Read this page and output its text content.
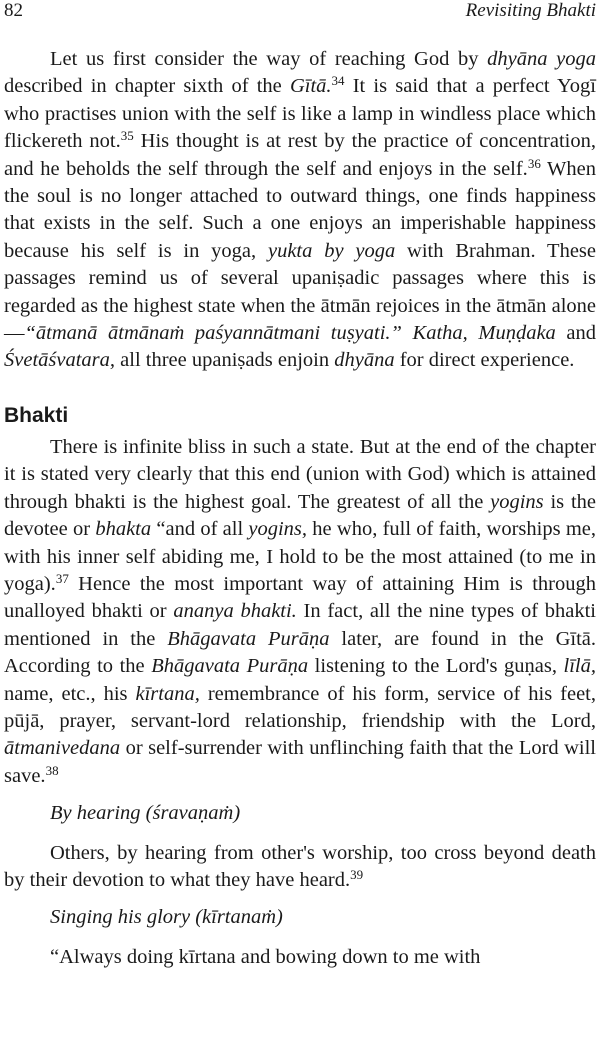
82	Revisiting Bhakti

Let us first consider the way of reaching God by dhyāna yoga described in chapter sixth of the Gītā.$^{34}$ It is said that a perfect Yogī who practises union with the self is like a lamp in windless place which flickereth not.$^{35}$ His thought is at rest by the practice of concentration, and he beholds the self through the self and enjoys in the self.$^{36}$ When the soul is no longer attached to outward things, one finds happiness that exists in the self. Such a one enjoys an imperishable happiness because his self is in yoga, yukta by yoga with Brahman. These passages remind us of several upaniṣadic passages where this is regarded as the highest state when the ātmān rejoices in the ātmān alone—“ātmanā ātmānaṁ paśyannātmani tuṣyati.” Katha, Muṇḍaka and Śvetāśvatara, all three upaniṣads enjoin dhyāna for direct experience.

Bhakti

There is infinite bliss in such a state. But at the end of the chapter it is stated very clearly that this end (union with God) which is attained through bhakti is the highest goal. The greatest of all the yogins is the devotee or bhakta “and of all yogins, he who, full of faith, worships me, with his inner self abiding me, I hold to be the most attained (to me in yoga).$^{37}$ Hence the most important way of attaining Him is through unalloyed bhakti or ananya bhakti. In fact, all the nine types of bhakti mentioned in the Bhāgavata Purāṇa later, are found in the Gītā. According to the Bhāgavata Purāṇa listening to the Lord's guṇas, līlā, name, etc., his kīrtana, remembrance of his form, service of his feet, pūjā, prayer, servant-lord relationship, friendship with the Lord, ātmanivedana or self-surrender with unflinching faith that the Lord will save.$^{38}$

By hearing (śravaṇaṁ)

Others, by hearing from other's worship, too cross beyond death by their devotion to what they have heard.$^{39}$

Singing his glory (kīrtanaṁ)

“Always doing kīrtana and bowing down to me with
